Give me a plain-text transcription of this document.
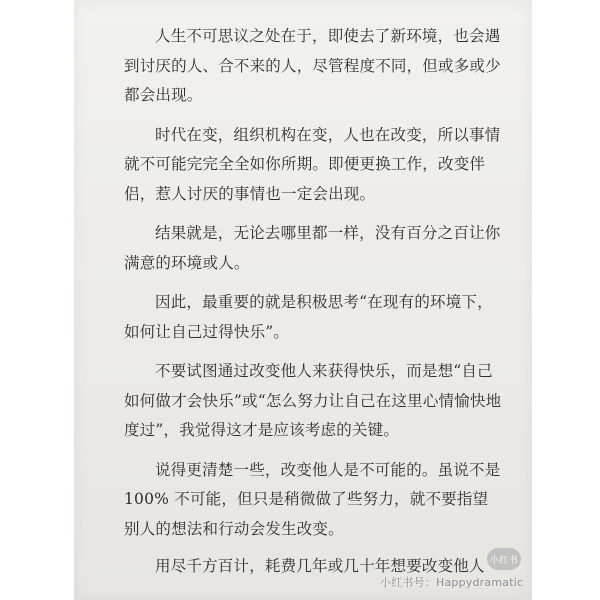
人生不可思议之处在于，即使去了新环境，也会遇到讨厌的人、合不来的人，尽管程度不同，但或多或少都会出现。

时代在变，组织机构在变，人也在改变，所以事情就不可能完完全全如你所期。即便更换工作，改变伴侣，惹人讨厌的事情也一定会出现。

结果就是，无论去哪里都一样，没有百分之百让你满意的环境或人。

因此，最重要的就是积极思考“在现有的环境下，如何让自己过得快乐”。

不要试图通过改变他人来获得快乐，而是想“自己如何做才会快乐”或“怎么努力让自己在这里心情愉快地度过”，我觉得这才是应该考虑的关键。

说得更清楚一些，改变他人是不可能的。虽说不是100% 不可能，但只是稍微做了些努力，就不要指望别人的想法和行动会发生改变。

用尽千方百计，耗费几年或几十年想要改变他人 小红书
小红书号：Happydramatic
